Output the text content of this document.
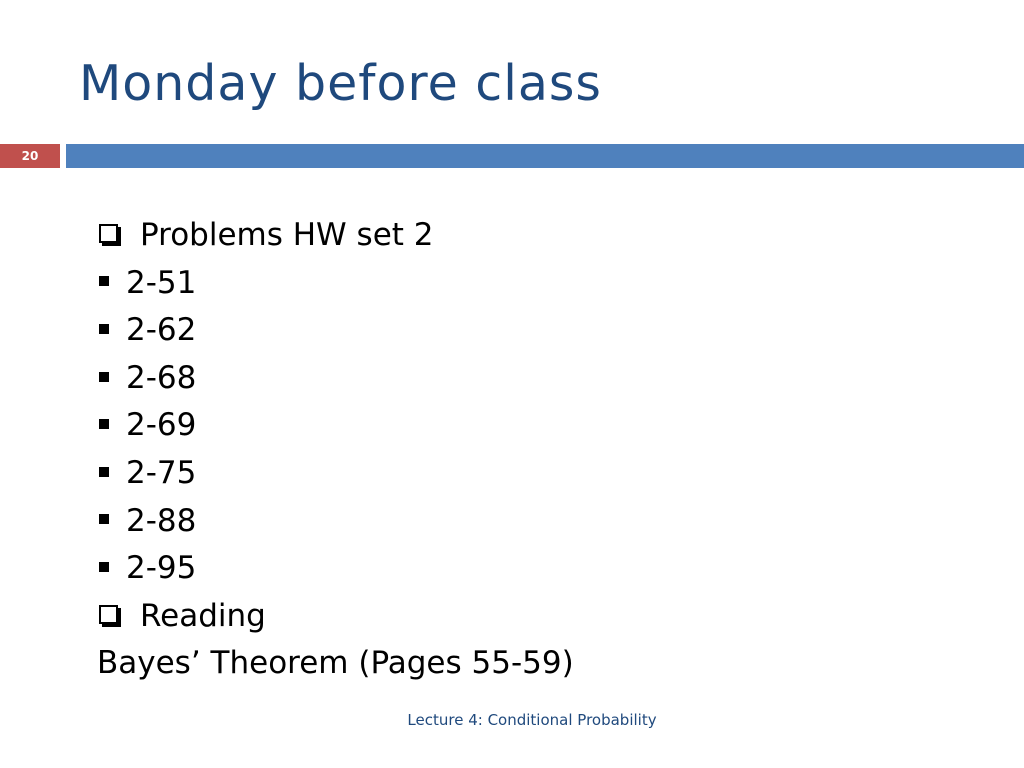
Monday before class
20
Problems HW set 2
2-51
2-62
2-68
2-69
2-75
2-88
2-95
Reading
Bayes’ Theorem (Pages 55-59)
Lecture 4: Conditional Probability
